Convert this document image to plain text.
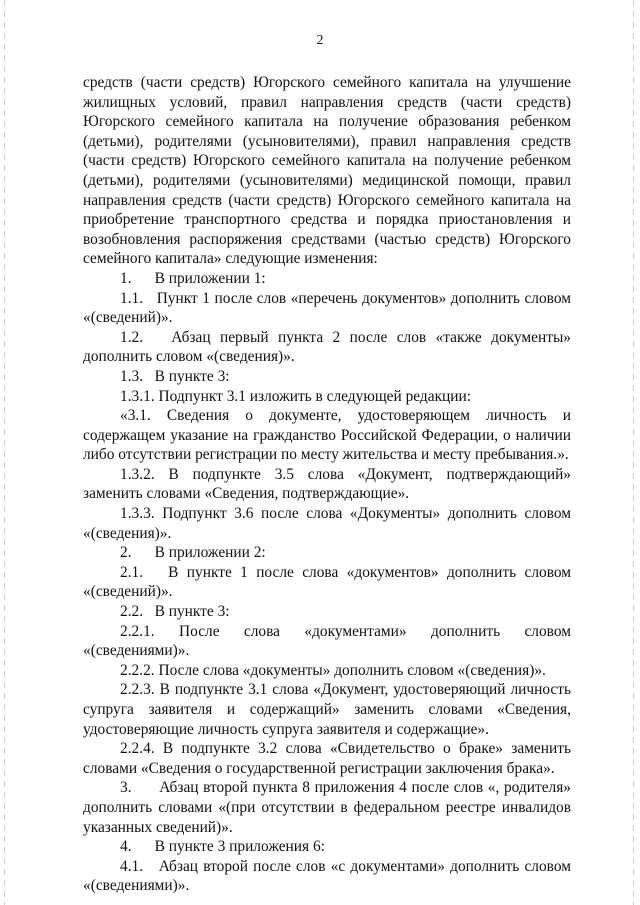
2

средств (части средств) Югорского семейного капитала на улучшение жилищных условий, правил направления средств (части средств) Югорского семейного капитала на получение образования ребенком (детьми), родителями (усыновителями), правил направления средств (части средств) Югорского семейного капитала на получение ребенком (детьми), родителями (усыновителями) медицинской помощи, правил направления средств (части средств) Югорского семейного капитала на приобретение транспортного средства и порядка приостановления и возобновления распоряжения средствами (частью средств) Югорского семейного капитала» следующие изменения:

1.      В приложении 1:

1.1.   Пункт 1 после слов «перечень документов» дополнить словом «(сведений)».

1.2.   Абзац первый пункта 2 после слов «также документы» дополнить словом «(сведения)».

1.3.   В пункте 3:

1.3.1. Подпункт 3.1 изложить в следующей редакции:

«3.1. Сведения о документе, удостоверяющем личность и содержащем указание на гражданство Российской Федерации, о наличии либо отсутствии регистрации по месту жительства и месту пребывания.».

1.3.2. В подпункте 3.5 слова «Документ, подтверждающий» заменить словами «Сведения, подтверждающие».

1.3.3. Подпункт 3.6 после слова «Документы» дополнить словом «(сведения)».

2.      В приложении 2:

2.1.   В пункте 1 после слова «документов» дополнить словом «(сведений)».

2.2.   В пункте 3:

2.2.1. После слова «документами» дополнить словом «(сведениями)».

2.2.2. После слова «документы» дополнить словом «(сведения)».

2.2.3. В подпункте 3.1 слова «Документ, удостоверяющий личность супруга заявителя и содержащий» заменить словами «Сведения, удостоверяющие личность супруга заявителя и содержащие».

2.2.4. В подпункте 3.2 слова «Свидетельство о браке» заменить словами «Сведения о государственной регистрации заключения брака».

3.      Абзац второй пункта 8 приложения 4 после слов «, родителя» дополнить словами «(при отсутствии в федеральном реестре инвалидов указанных сведений)».

4.      В пункте 3 приложения 6:

4.1.   Абзац второй после слов «с документами» дополнить словом «(сведениями)».
